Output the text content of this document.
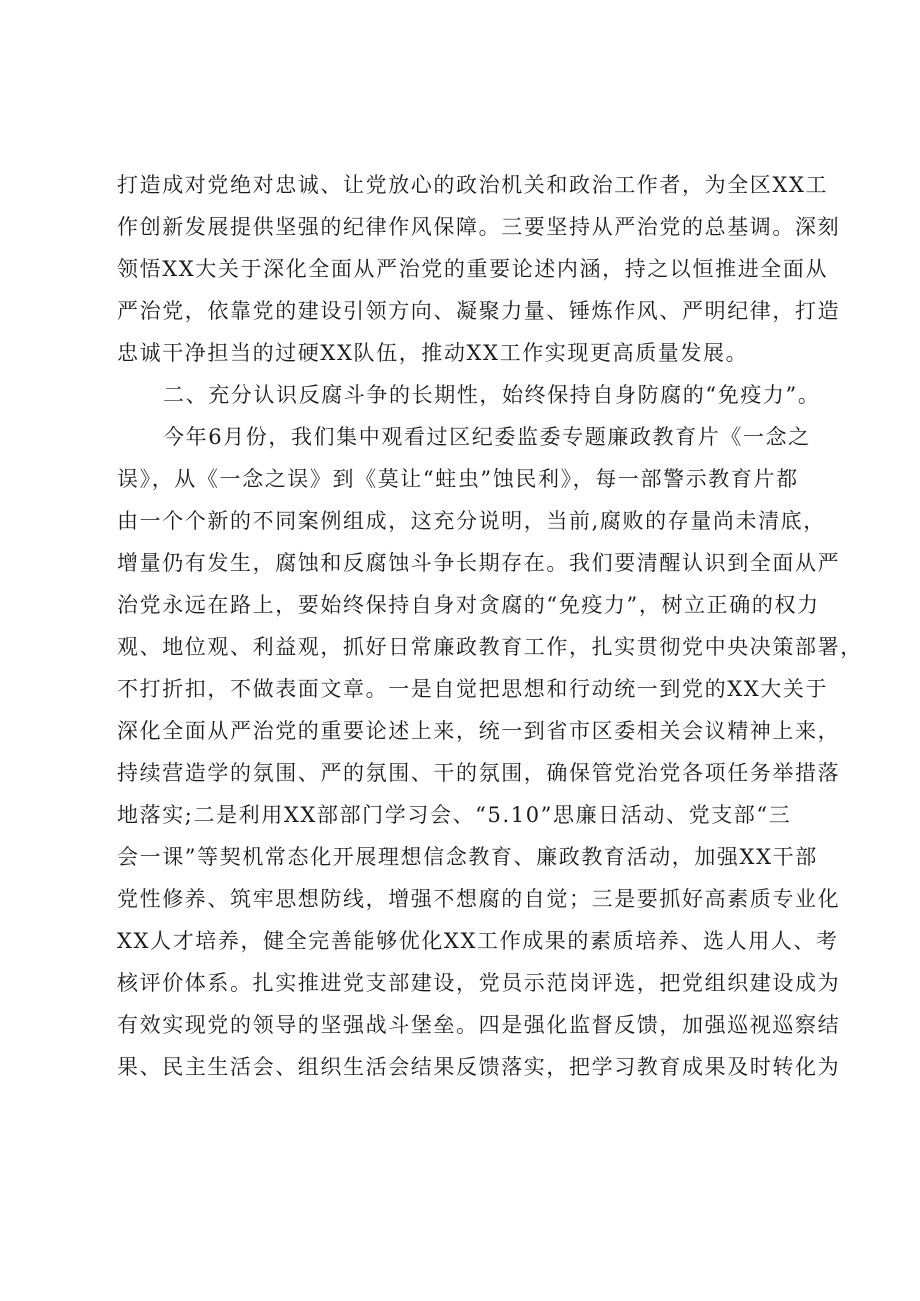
打造成对党绝对忠诚、让党放心的政治机关和政治工作者，为全区XX工
作创新发展提供坚强的纪律作风保障。三要坚持从严治党的总基调。深刻
领悟XX大关于深化全面从严治党的重要论述内涵，持之以恒推进全面从
严治党，依靠党的建设引领方向、凝聚力量、锤炼作风、严明纪律，打造
忠诚干净担当的过硬XX队伍，推动XX工作实现更高质量发展。
二、充分认识反腐斗争的长期性，始终保持自身防腐的“免疫力”。
今年6月份，我们集中观看过区纪委监委专题廉政教育片《一念之
误》，从《一念之误》到《莫让“蛀虫”蚀民利》，每一部警示教育片都
由一个个新的不同案例组成，这充分说明，当前,腐败的存量尚未清底，
增量仍有发生，腐蚀和反腐蚀斗争长期存在。我们要清醒认识到全面从严
治党永远在路上，要始终保持自身对贪腐的“免疫力”，树立正确的权力
观、地位观、利益观，抓好日常廉政教育工作，扎实贯彻党中央决策部署，
不打折扣，不做表面文章。一是自觉把思想和行动统一到党的XX大关于
深化全面从严治党的重要论述上来，统一到省市区委相关会议精神上来，
持续营造学的氛围、严的氛围、干的氛围，确保管党治党各项任务举措落
地落实;二是利用XX部部门学习会、“5.10”思廉日活动、党支部“三
会一课”等契机常态化开展理想信念教育、廉政教育活动，加强XX干部
党性修养、筑牢思想防线，增强不想腐的自觉；三是要抓好高素质专业化
XX人才培养，健全完善能够优化XX工作成果的素质培养、选人用人、考
核评价体系。扎实推进党支部建设，党员示范岗评选，把党组织建设成为
有效实现党的领导的坚强战斗堡垒。四是强化监督反馈，加强巡视巡察结
果、民主生活会、组织生活会结果反馈落实，把学习教育成果及时转化为
